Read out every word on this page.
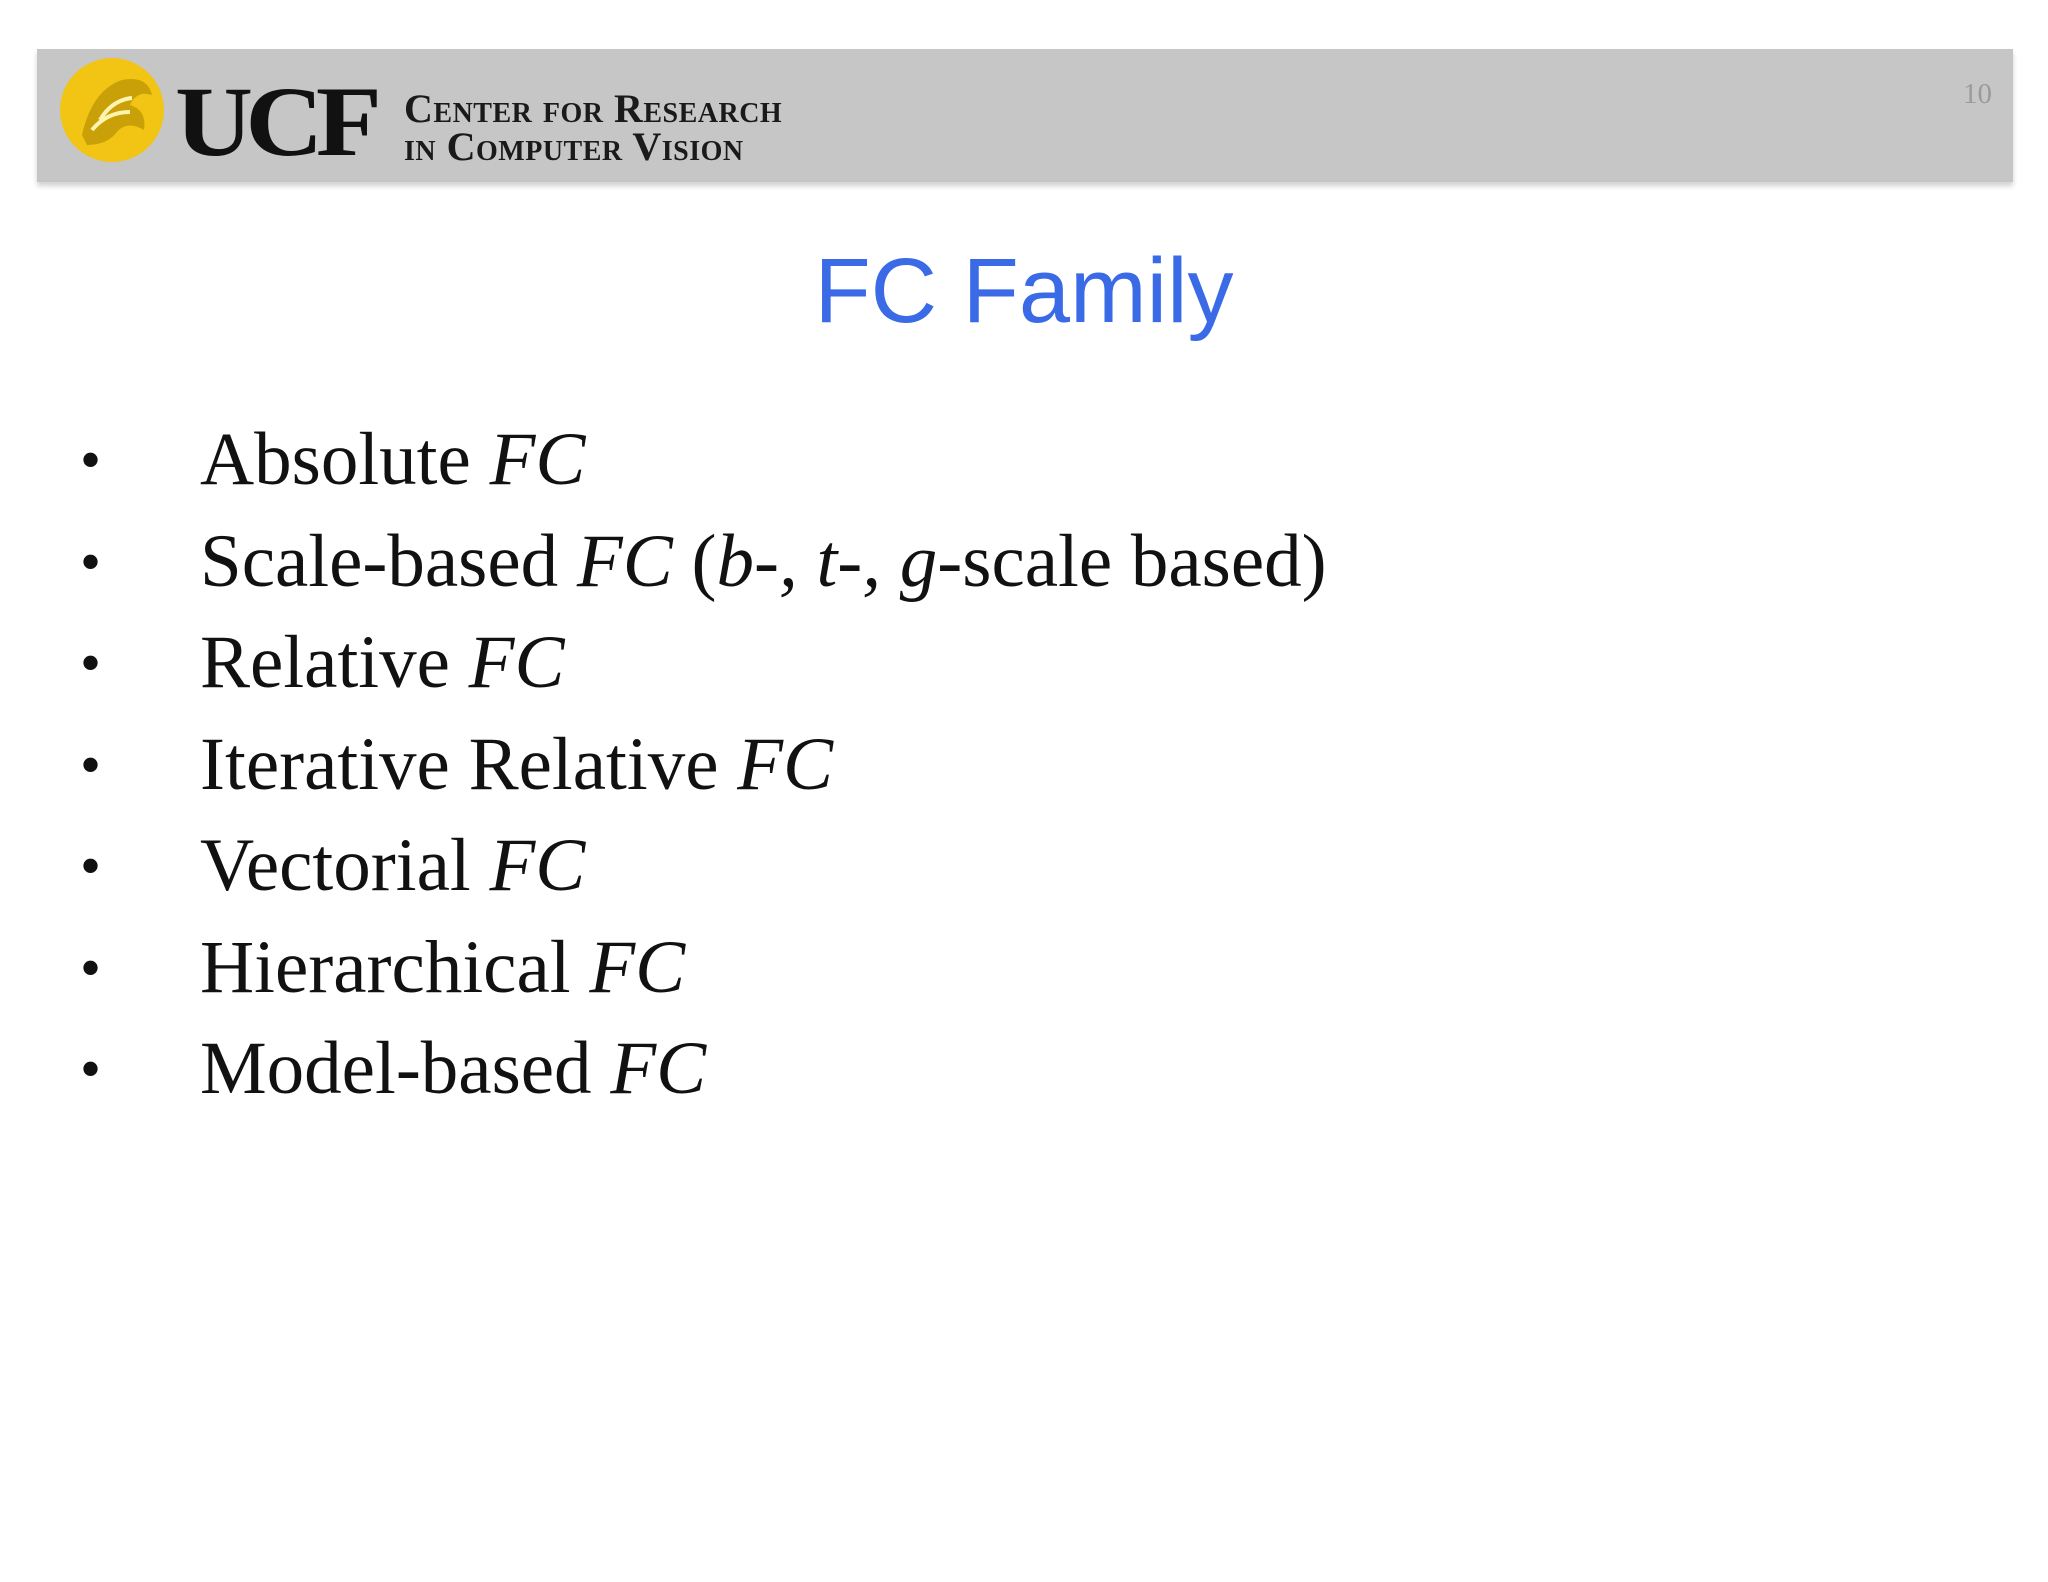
UCF Center for Research
in Computer Vision
10
FC Family
• Absolute FC
• Scale-based FC (b-, t-, g-scale based)
• Relative FC
• Iterative Relative FC
• Vectorial FC
• Hierarchical FC
• Model-based FC
